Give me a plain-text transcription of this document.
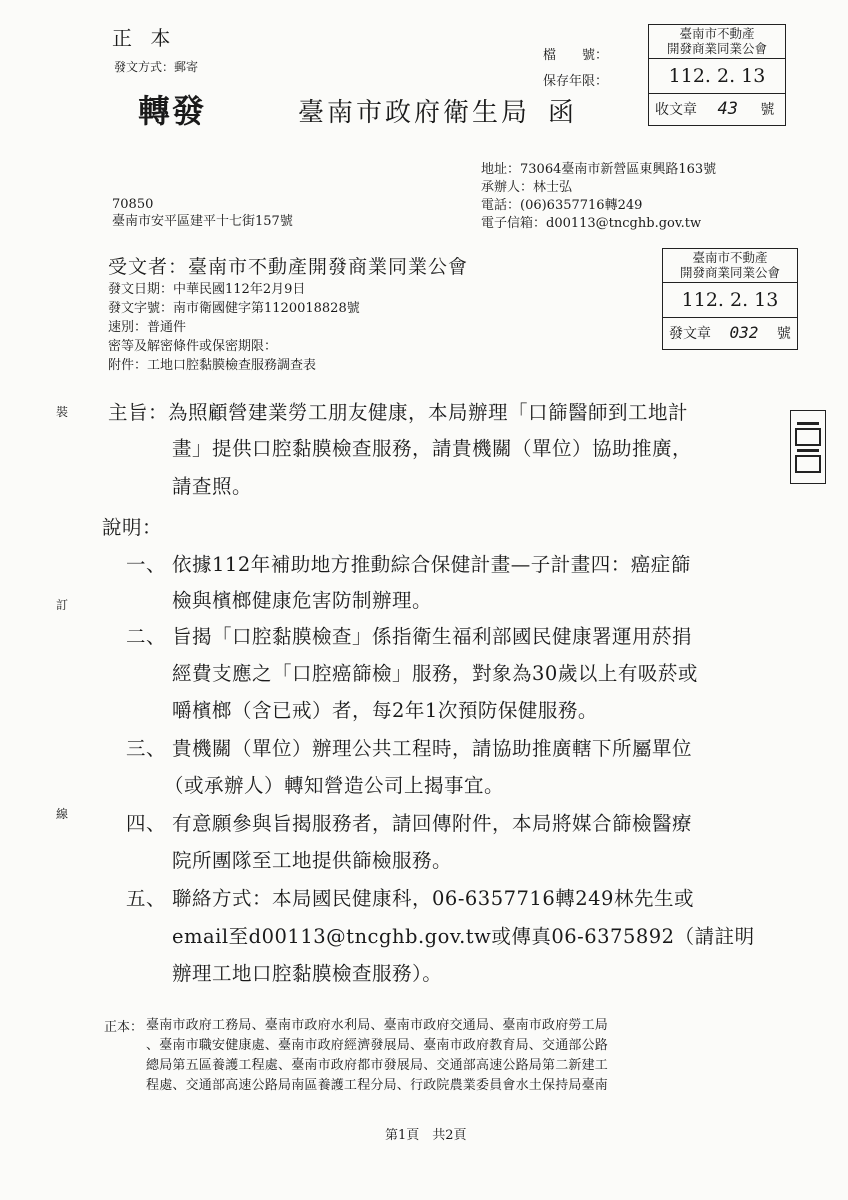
正 本
發文方式：郵寄
轉發	臺南市政府衛生局 函
檔　　號：
保存年限：
臺南市不動產
開發商業同業公會
112. 2. 13
收文章 43 號
地址：73064臺南市新營區東興路163號
承辦人：林士弘
電話：(06)6357716轉249
電子信箱：d00113@tncghb.gov.tw
70850
臺南市安平區建平十七街157號
受文者：臺南市不動產開發商業同業公會
發文日期：中華民國112年2月9日
發文字號：南市衛國健字第1120018828號
速別：普通件
密等及解密條件或保密期限：
附件：工地口腔黏膜檢查服務調查表
臺南市不動產
開發商業同業公會
112. 2. 13
發文章 032 號
裝
訂
線
主旨：為照顧營建業勞工朋友健康，本局辦理「口篩醫師到工地計
畫」提供口腔黏膜檢查服務，請貴機關（單位）協助推廣，
請查照。
說明：
一、 依據112年補助地方推動綜合保健計畫—子計畫四：癌症篩
檢與檳榔健康危害防制辦理。
二、 旨揭「口腔黏膜檢查」係指衛生福利部國民健康署運用菸捐
經費支應之「口腔癌篩檢」服務，對象為30歲以上有吸菸或
嚼檳榔（含已戒）者，每2年1次預防保健服務。
三、 貴機關（單位）辦理公共工程時，請協助推廣轄下所屬單位
（或承辦人）轉知營造公司上揭事宜。
四、 有意願參與旨揭服務者，請回傳附件，本局將媒合篩檢醫療
院所團隊至工地提供篩檢服務。
五、 聯絡方式：本局國民健康科，06-6357716轉249林先生或
email至d00113@tncghb.gov.tw或傳真06-6375892（請註明
辦理工地口腔黏膜檢查服務）。
正本： 臺南市政府工務局、臺南市政府水利局、臺南市政府交通局、臺南市政府勞工局
、臺南市職安健康處、臺南市政府經濟發展局、臺南市政府教育局、交通部公路
總局第五區養護工程處、臺南市政府都市發展局、交通部高速公路局第二新建工
程處、交通部高速公路局南區養護工程分局、行政院農業委員會水土保持局臺南
第1頁　共2頁
